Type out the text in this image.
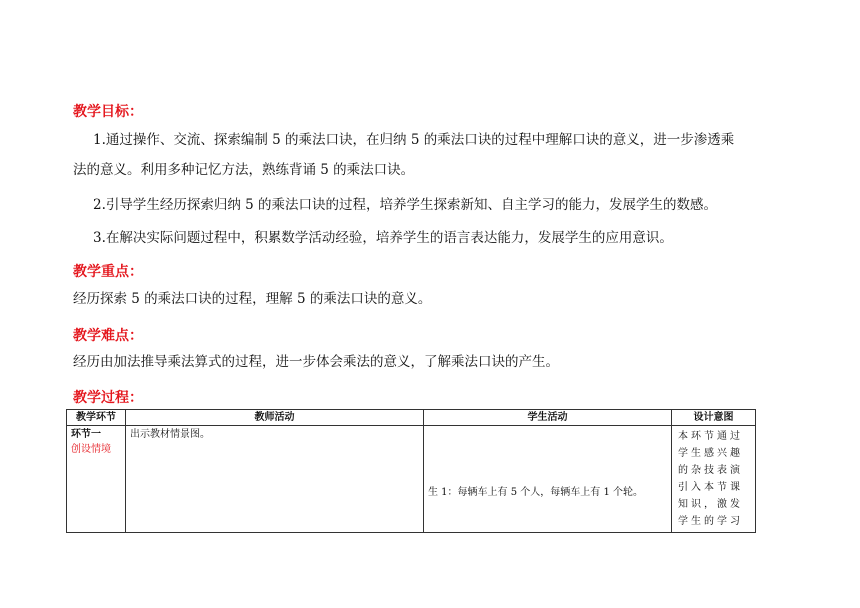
教学目标：
1.通过操作、交流、探索编制 5 的乘法口诀，在归纳 5 的乘法口诀的过程中理解口诀的意义，进一步渗透乘
法的意义。利用多种记忆方法，熟练背诵 5 的乘法口诀。
2.引导学生经历探索归纳 5 的乘法口诀的过程，培养学生探索新知、自主学习的能力，发展学生的数感。
3.在解决实际问题过程中，积累数学活动经验，培养学生的语言表达能力，发展学生的应用意识。
教学重点：
经历探索 5 的乘法口诀的过程，理解 5 的乘法口诀的意义。
教学难点：
经历由加法推导乘法算式的过程，进一步体会乘法的意义，了解乘法口诀的产生。
教学过程：
教学环节	教师活动	学生活动	设计意图

环节一
创设情境	出示教材情景图。	生 1：每辆车上有 5 个人，每辆车上有 1 个轮。	本环节通过学生感兴趣的杂技表演引入本节课知识，激发学生的学习
